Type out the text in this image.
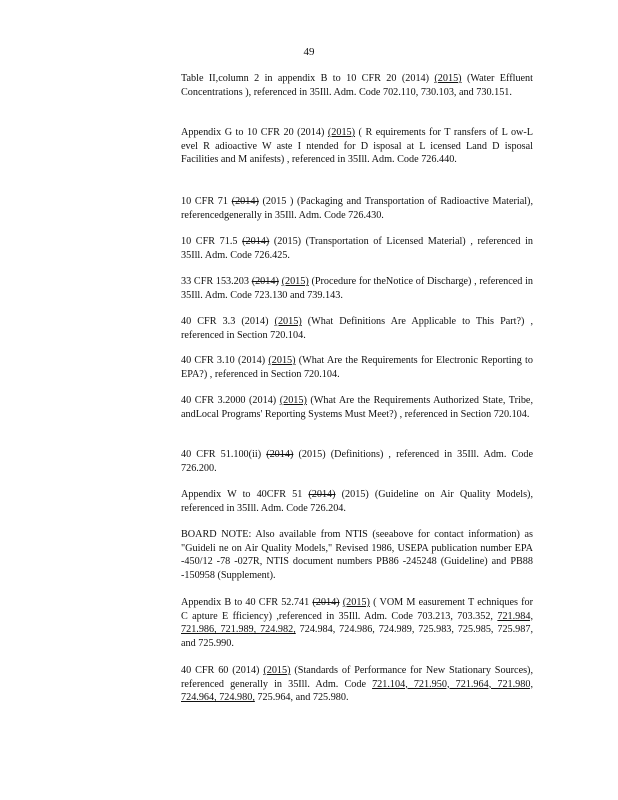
49
Table II,column 2 in appendix B to 10 CFR 20 (2014) (2015) (Water Effluent Concentrations ), referenced in 35Ill. Adm. Code 702.110, 730.103, and 730.151.
Appendix G to 10 CFR 20 (2014) (2015) ( R equirements for T ransfers of L ow-L evel R adioactive W aste I ntended for D isposal at L icensed Land D isposal Facilities and M anifests) , referenced in 35Ill. Adm. Code 726.440.
10 CFR 71 (2014) (2015 ) (Packaging and Transportation of Radioactive Material), referencedgenerally in 35Ill. Adm. Code 726.430.
10 CFR 71.5 (2014) (2015) (Transportation of Licensed Material) , referenced in 35Ill. Adm. Code 726.425.
33 CFR 153.203 (2014) (2015) (Procedure for theNotice of Discharge) , referenced in 35Ill. Adm. Code 723.130 and 739.143.
40 CFR 3.3 (2014) (2015) (What Definitions Are Applicable to This Part?) , referenced in Section 720.104.
40 CFR 3.10 (2014) (2015) (What Are the Requirements for Electronic Reporting to EPA?) , referenced in Section 720.104.
40 CFR 3.2000 (2014) (2015) (What Are the Requirements Authorized State, Tribe, andLocal Programs' Reporting Systems Must Meet?) , referenced in Section 720.104.
40 CFR 51.100(ii) (2014) (2015) (Definitions) , referenced in 35Ill. Adm. Code 726.200.
Appendix W to 40CFR 51 (2014) (2015) (Guideline on Air Quality Models), referenced in 35Ill. Adm. Code 726.204.
BOARD NOTE: Also available from NTIS (seeabove for contact information) as "Guideli ne on Air Quality Models," Revised 1986, USEPA publication number EPA -450/12 -78 -027R, NTIS document numbers PB86 -245248 (Guideline) and PB88 -150958 (Supplement).
Appendix B to 40 CFR 52.741 (2014) (2015) ( VOM M easurement T echniques for C apture E fficiency) ,referenced in 35Ill. Adm. Code 703.213, 703.352, 721.984, 721.986, 721.989, 724.982, 724.984, 724.986, 724.989, 725.983, 725.985, 725.987, and 725.990.
40 CFR 60 (2014) (2015) (Standards of Performance for New Stationary Sources), referenced generally in 35Ill. Adm. Code 721.104, 721.950, 721.964, 721.980, 724.964, 724.980, 725.964, and 725.980.
